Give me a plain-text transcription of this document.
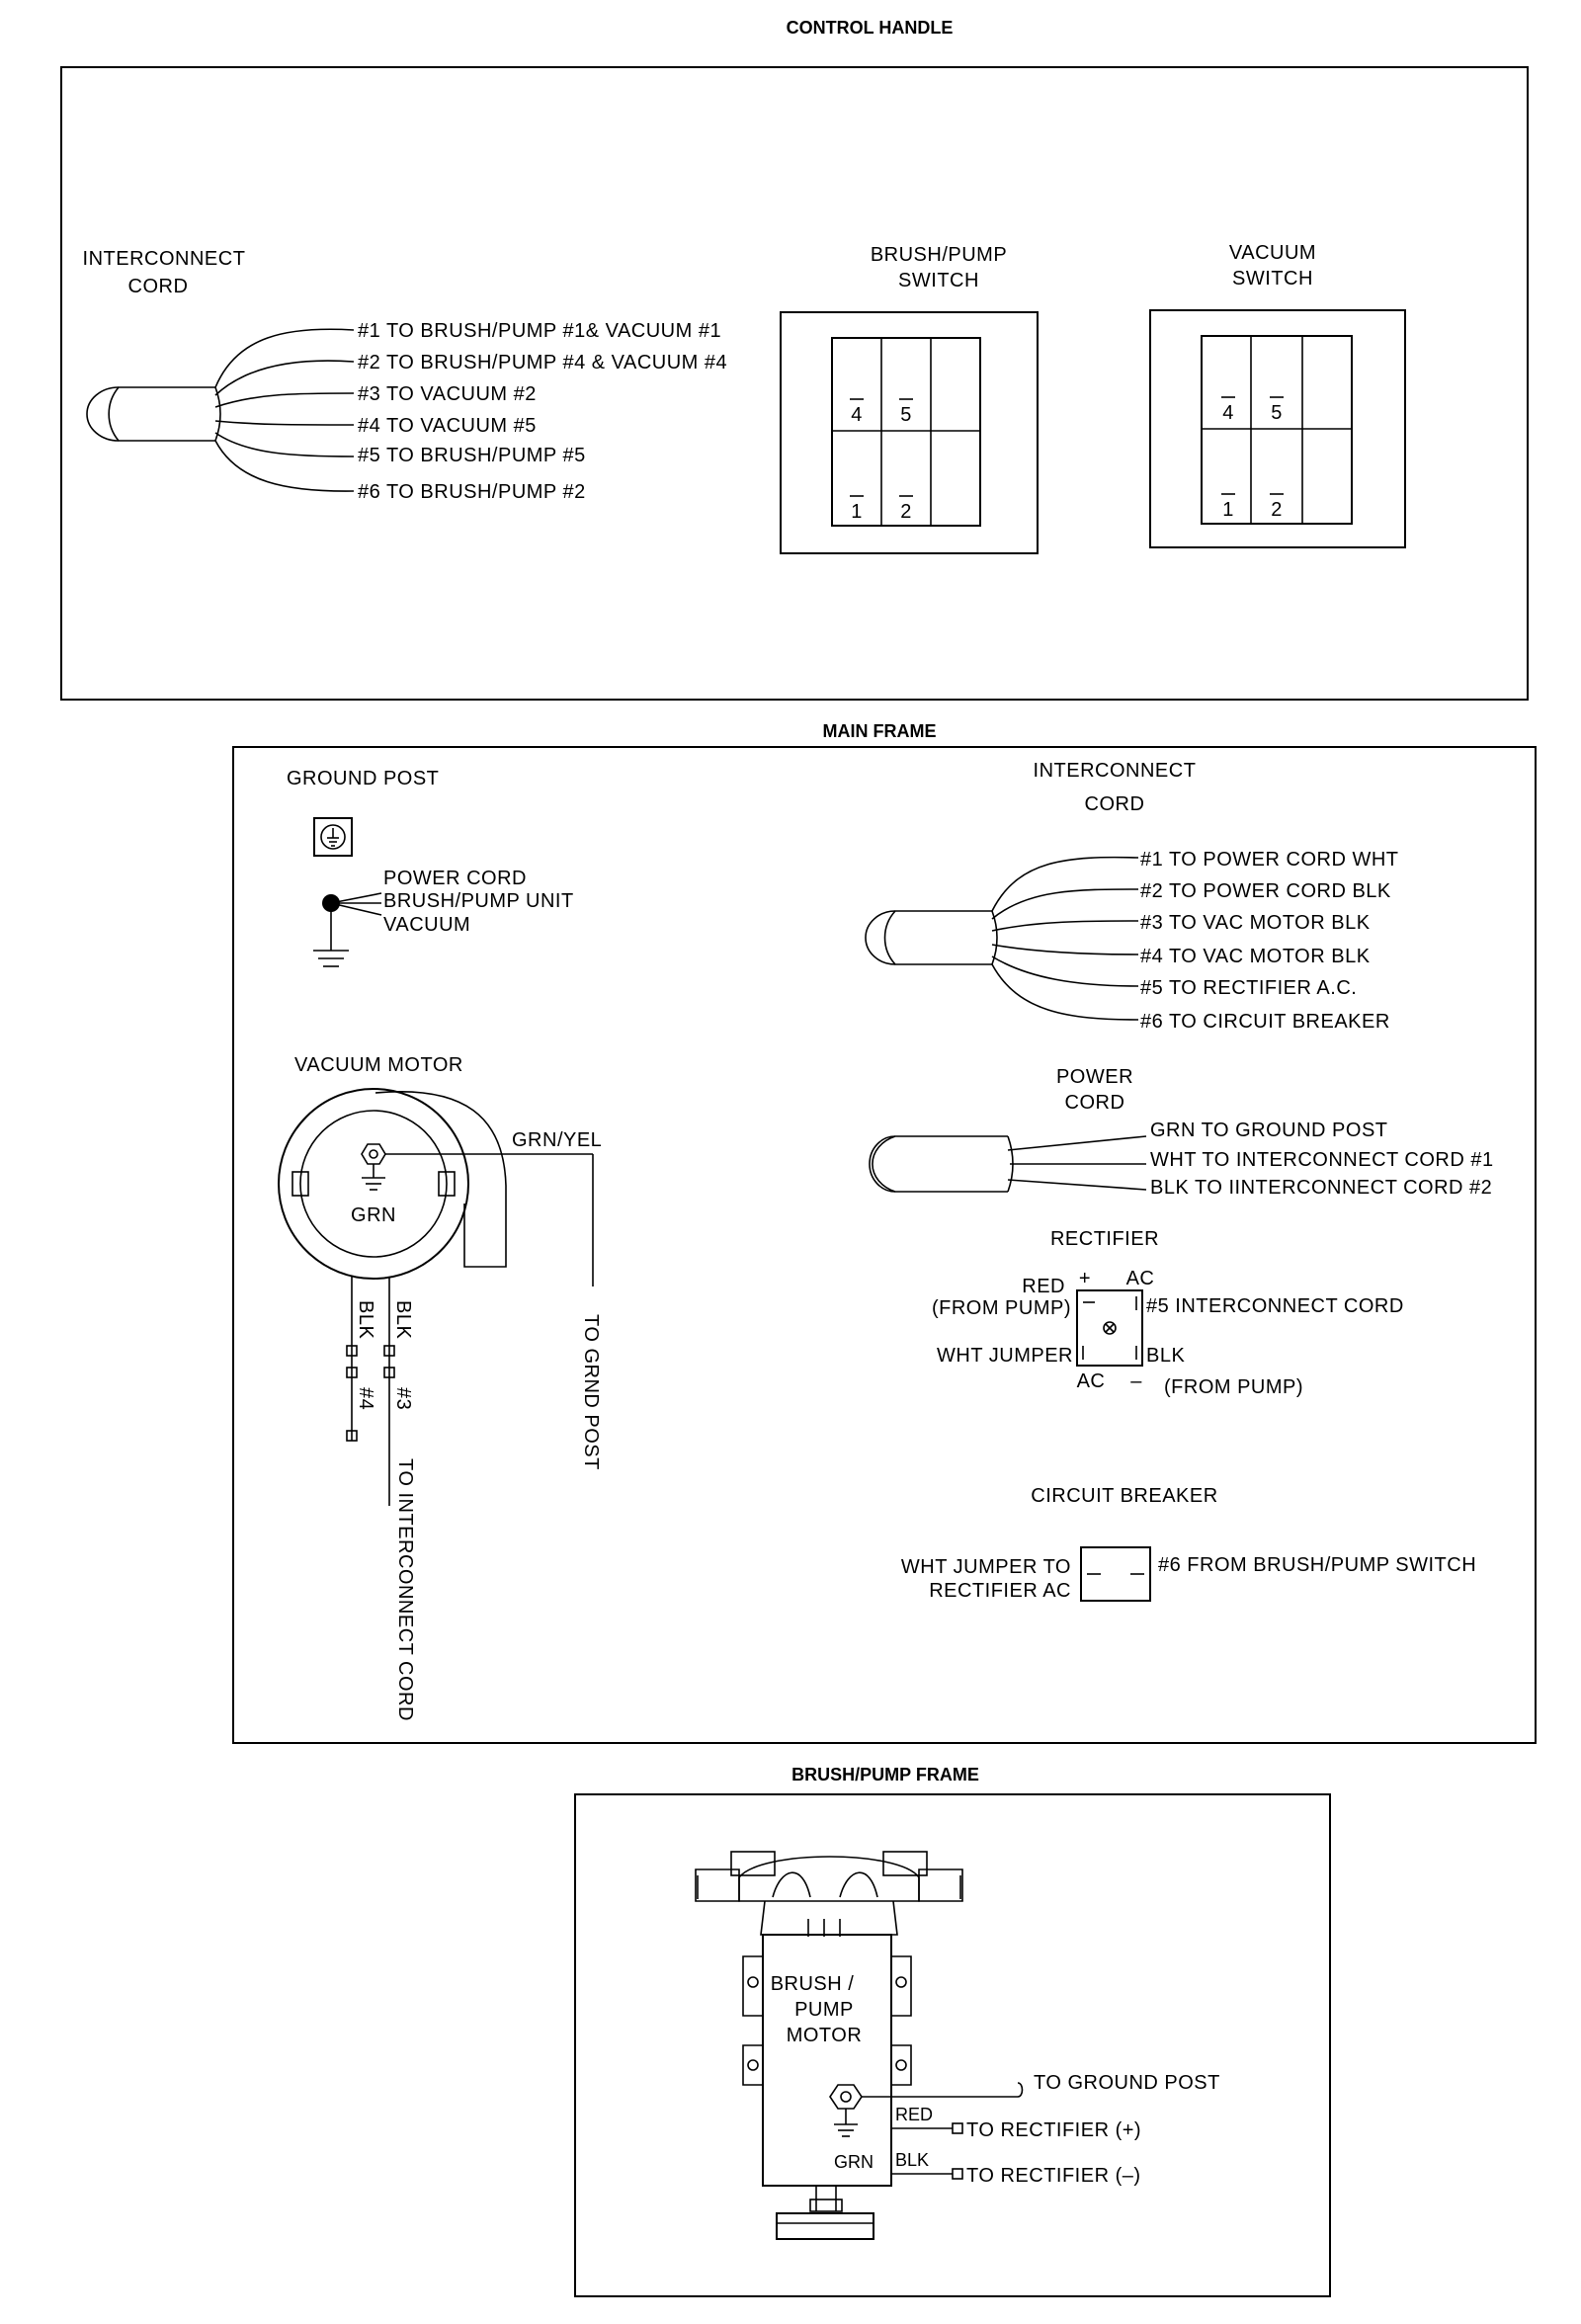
CONTROL HANDLE
INTERCONNECT
CORD
#1 TO BRUSH/PUMP #1& VACUUM #1
#2 TO BRUSH/PUMP #4 & VACUUM #4
#3 TO VACUUM #2
#4 TO VACUUM #5
#5 TO BRUSH/PUMP #5
#6 TO BRUSH/PUMP #2
BRUSH/PUMP
SWITCH
4 5
1 2
VACUUM
SWITCH
4 5
1 2
MAIN FRAME
GROUND POST
POWER CORD
BRUSH/PUMP UNIT
VACUUM
VACUUM MOTOR
GRN
GRN/YEL
TO GRND POST
BLK BLK
#4 #3
TO INTERCONNECT CORD
INTERCONNECT
CORD
#1 TO POWER CORD WHT
#2 TO POWER CORD BLK
#3 TO VAC MOTOR BLK
#4 TO VAC MOTOR BLK
#5 TO RECTIFIER A.C.
#6 TO CIRCUIT BREAKER
POWER
CORD
GRN TO GROUND POST
WHT TO INTERCONNECT CORD #1
BLK TO IINTERCONNECT CORD #2
RECTIFIER
+ AC
RED
(FROM PUMP)	#5 INTERCONNECT CORD
WHT JUMPER	BLK
AC – (FROM PUMP)
CIRCUIT BREAKER
WHT JUMPER TO
RECTIFIER AC
#6 FROM BRUSH/PUMP SWITCH
BRUSH/PUMP FRAME
BRUSH /
PUMP
MOTOR
GRN
RED
BLK
TO GROUND POST
TO RECTIFIER (+)
TO RECTIFIER (–)
